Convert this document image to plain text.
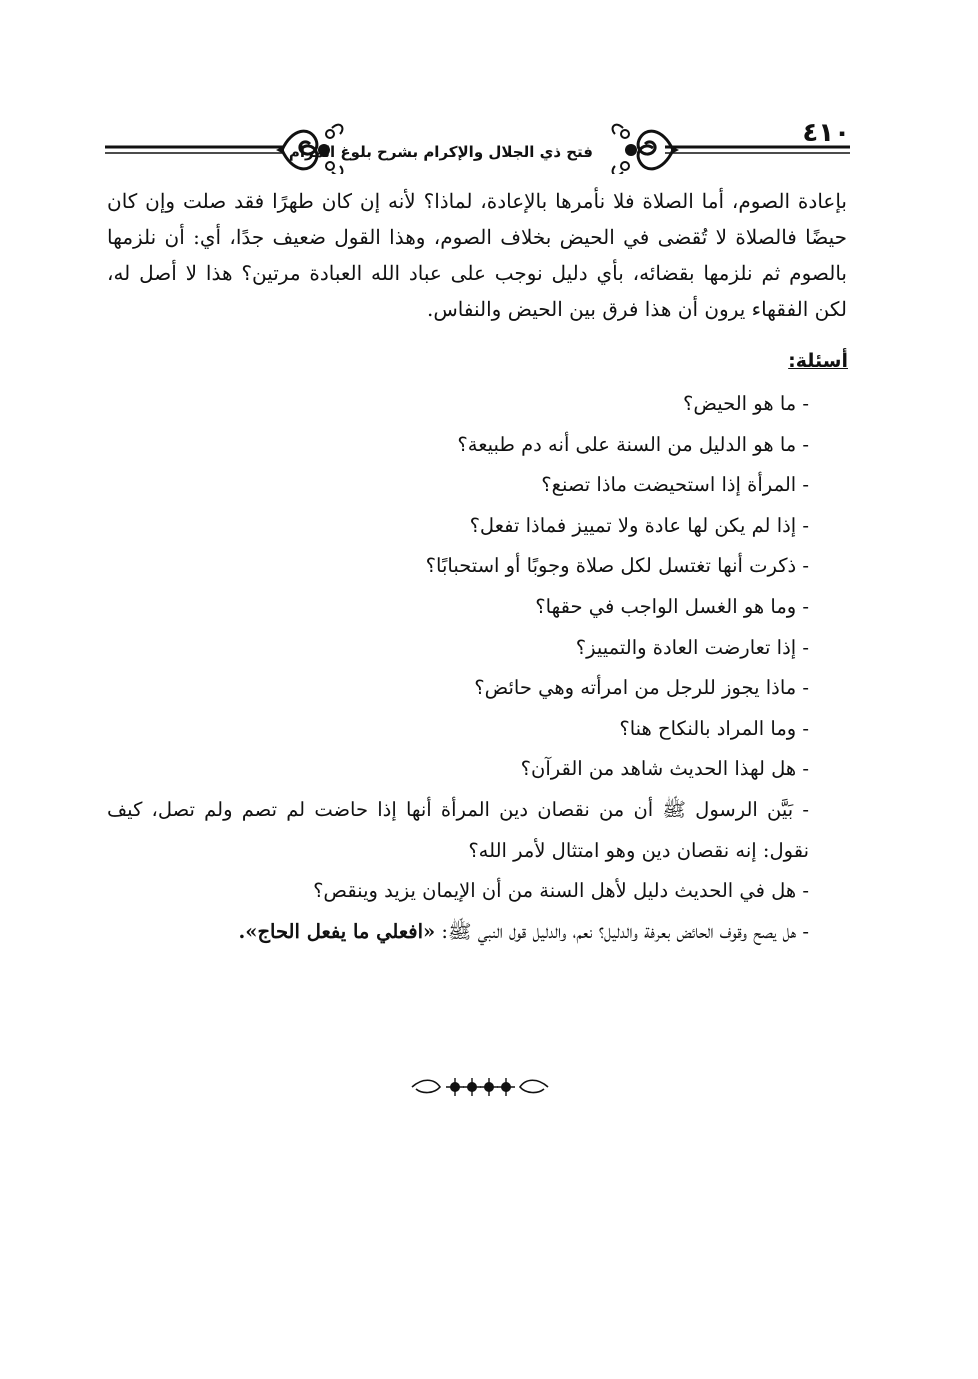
فتح ذي الجلال والإكرام بشرح بلوغ المرام
٤١٠

بإعادة الصوم، أما الصلاة فلا نأمرها بالإعادة، لماذا؟ لأنه إن كان طهرًا فقد صلت وإن كان حيضًا فالصلاة لا تُقضى في الحيض بخلاف الصوم، وهذا القول ضعيف جدًا، أي: أن نلزمها بالصوم ثم نلزمها بقضائه، بأي دليل نوجب على عباد الله العبادة مرتين؟ هذا لا أصل له، لكن الفقهاء يرون أن هذا فرق بين الحيض والنفاس.

أسئلة:
- ما هو الحيض؟
- ما هو الدليل من السنة على أنه دم طبيعة؟
- المرأة إذا استحيضت ماذا تصنع؟
- إذا لم يكن لها عادة ولا تمييز فماذا تفعل؟
- ذكرت أنها تغتسل لكل صلاة وجوبًا أو استحبابًا؟
- وما هو الغسل الواجب في حقها؟
- إذا تعارضت العادة والتمييز؟
- ماذا يجوز للرجل من امرأته وهي حائض؟
- وما المراد بالنكاح هنا؟
- هل لهذا الحديث شاهد من القرآن؟
- بَيَّن الرسول ﷺ أن من نقصان دين المرأة أنها إذا حاضت لم تصم ولم تصل، كيف نقول: إنه نقصان دين وهو امتثال لأمر الله؟
- هل في الحديث دليل لأهل السنة من أن الإيمان يزيد وينقص؟
- هل يصح وقوف الحائض بعرفة والدليل؟ نعم، والدليل قول النبي ﷺ: «افعلي ما يفعل الحاج».
